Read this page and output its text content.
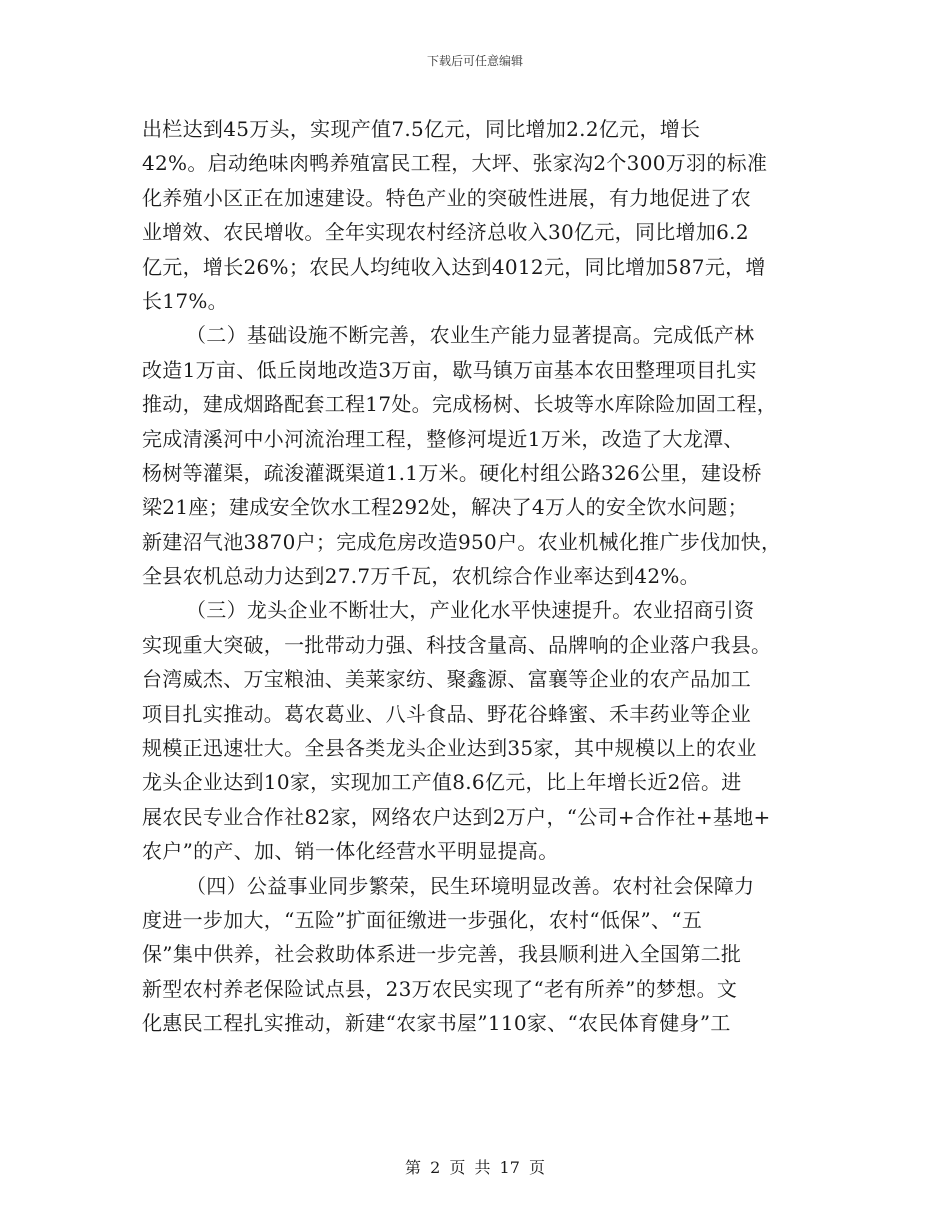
下载后可任意编辑
出栏达到45万头，实现产值7.5亿元，同比增加2.2亿元，增长
42%。启动绝味肉鸭养殖富民工程，大坪、张家沟2个300万羽的标准
化养殖小区正在加速建设。特色产业的突破性进展，有力地促进了农
业增效、农民增收。全年实现农村经济总收入30亿元，同比增加6.2
亿元，增长26%；农民人均纯收入达到4012元，同比增加587元，增
长17%。
（二）基础设施不断完善，农业生产能力显著提高。完成低产林
改造1万亩、低丘岗地改造3万亩，歇马镇万亩基本农田整理项目扎实
推动，建成烟路配套工程17处。完成杨树、长坡等水库除险加固工程，
完成清溪河中小河流治理工程，整修河堤近1万米，改造了大龙潭、
杨树等灌渠，疏浚灌溉渠道1.1万米。硬化村组公路326公里，建设桥
梁21座；建成安全饮水工程292处，解决了4万人的安全饮水问题；
新建沼气池3870户；完成危房改造950户。农业机械化推广步伐加快，
全县农机总动力达到27.7万千瓦，农机综合作业率达到42%。
（三）龙头企业不断壮大，产业化水平快速提升。农业招商引资
实现重大突破，一批带动力强、科技含量高、品牌响的企业落户我县。
台湾威杰、万宝粮油、美莱家纺、聚鑫源、富襄等企业的农产品加工
项目扎实推动。葛农葛业、八斗食品、野花谷蜂蜜、禾丰药业等企业
规模正迅速壮大。全县各类龙头企业达到35家，其中规模以上的农业
龙头企业达到10家，实现加工产值8.6亿元，比上年增长近2倍。进
展农民专业合作社82家，网络农户达到2万户，“公司+合作社+基地+
农户”的产、加、销一体化经营水平明显提高。
（四）公益事业同步繁荣，民生环境明显改善。农村社会保障力
度进一步加大，“五险”扩面征缴进一步强化，农村“低保”、“五
保”集中供养，社会救助体系进一步完善，我县顺利进入全国第二批
新型农村养老保险试点县，23万农民实现了“老有所养”的梦想。文
化惠民工程扎实推动，新建“农家书屋”110家、“农民体育健身”工
第 2 页 共 17 页
